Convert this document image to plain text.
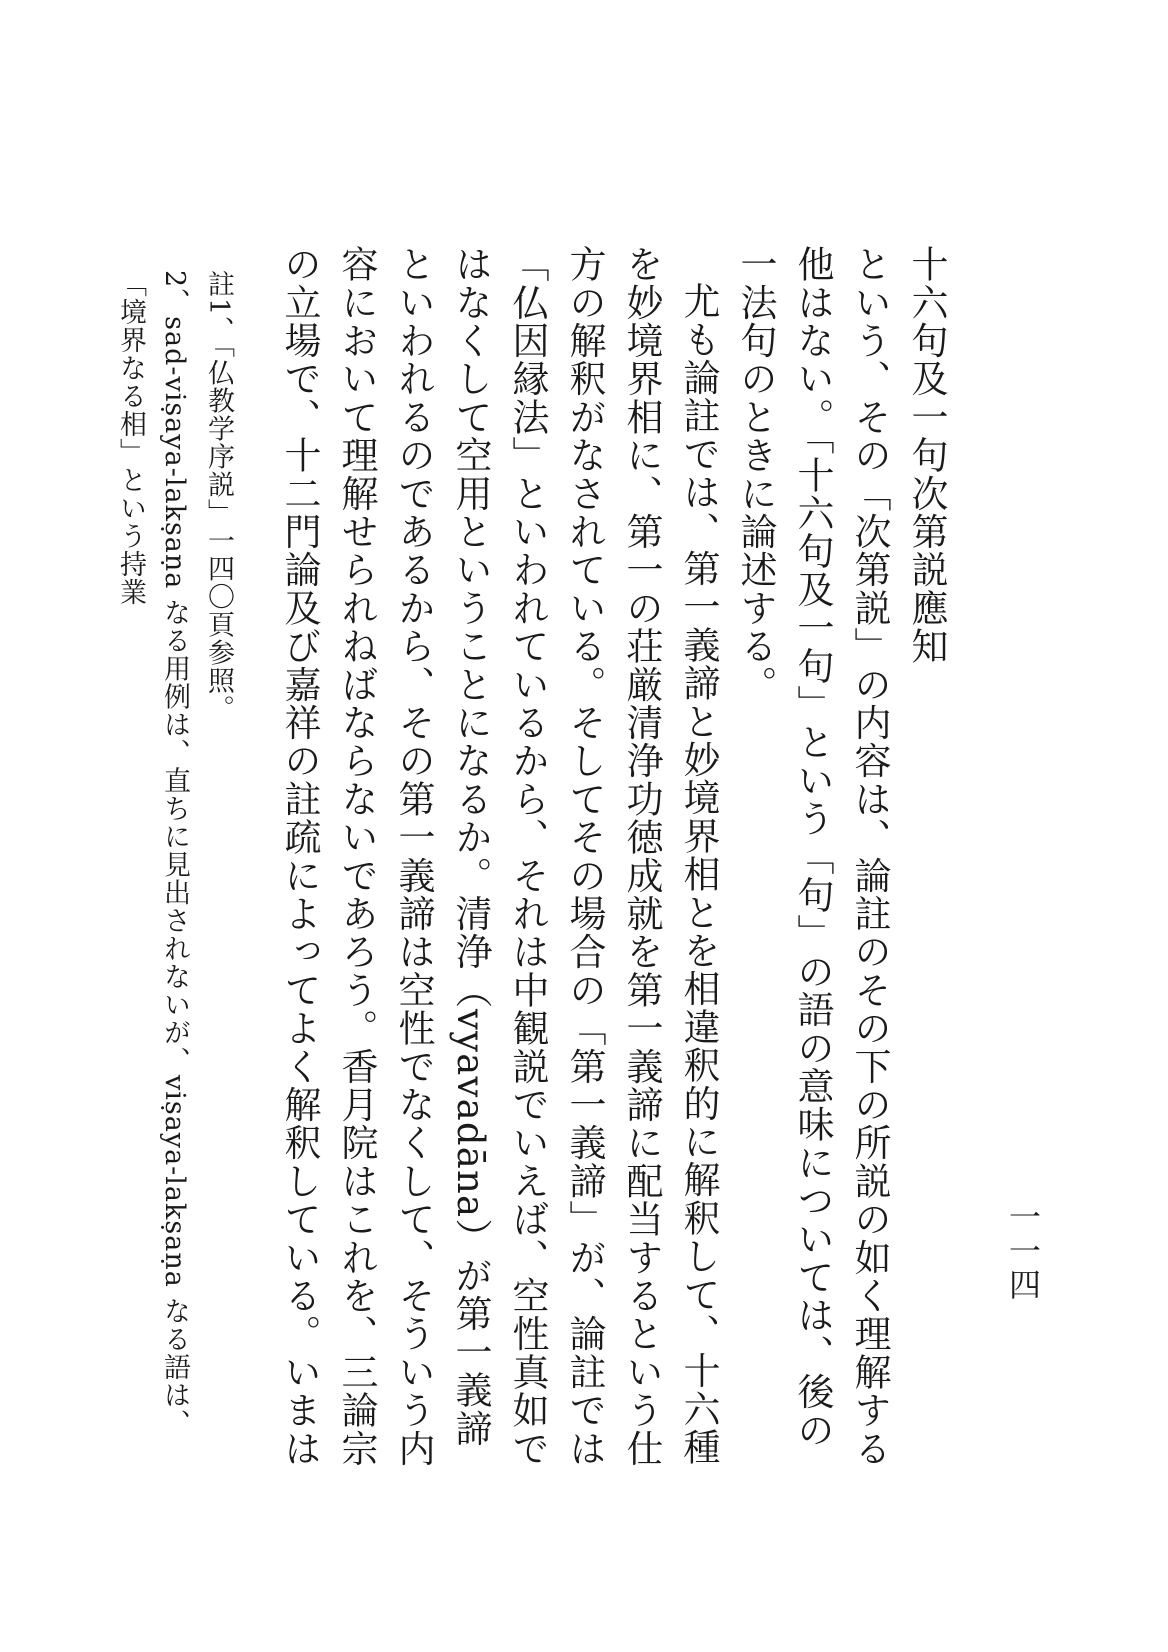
一一四

十六句及一句次第説應知

という、その「次第説」の内容は、論註のその下の所説の如く理解する他はない。「十六句及一句」という「句」の語の意味については、後の一法句のときに論述する。

尤も論註では、第一義諦と妙境界相とを相違釈的に解釈して、十六種を妙境界相に、第一の荘厳清浄功徳成就を第一義諦に配当するという仕方の解釈がなされている。そしてその場合の「第一義諦」が、論註では「仏因縁法」といわれているから、それは中観説でいえば、空性真如ではなくして空用ということになるか。清浄（vyavadāna）が第一義諦といわれるのであるから、その第一義諦は空性でなくして、そういう内容において理解せられねばならないであろう。香月院はこれを、三論宗の立場で、十二門論及び嘉祥の註疏によってよく解釈している。いまは

註1、「仏教学序説」一四〇頁参照。

2、sad-viṣaya-lakṣaṇa なる用例は、直ちに見出されないが、viṣaya-lakṣaṇa なる語は、「境界なる相」という持業
